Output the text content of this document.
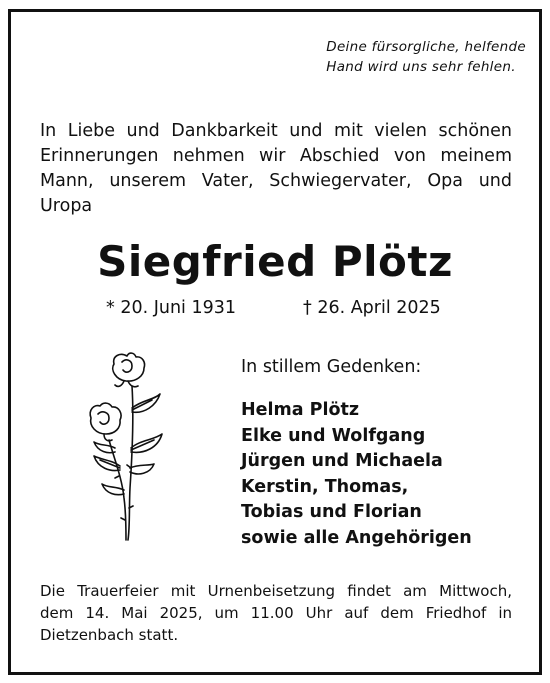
Deine fürsorgliche, helfende
Hand wird uns sehr fehlen.
In Liebe und Dankbarkeit und mit vielen schönen
Erinnerungen nehmen wir Abschied von meinem
Mann, unserem Vater, Schwiegervater, Opa und
Uropa
Siegfried Plötz
* 20. Juni 1931	† 26. April 2025
In stillem Gedenken:
Helma Plötz
Elke und Wolfgang
Jürgen und Michaela
Kerstin, Thomas,
Tobias und Florian
sowie alle Angehörigen
Die Trauerfeier mit Urnenbeisetzung findet am Mittwoch,
dem 14. Mai 2025, um 11.00 Uhr auf dem Friedhof in
Dietzenbach statt.
